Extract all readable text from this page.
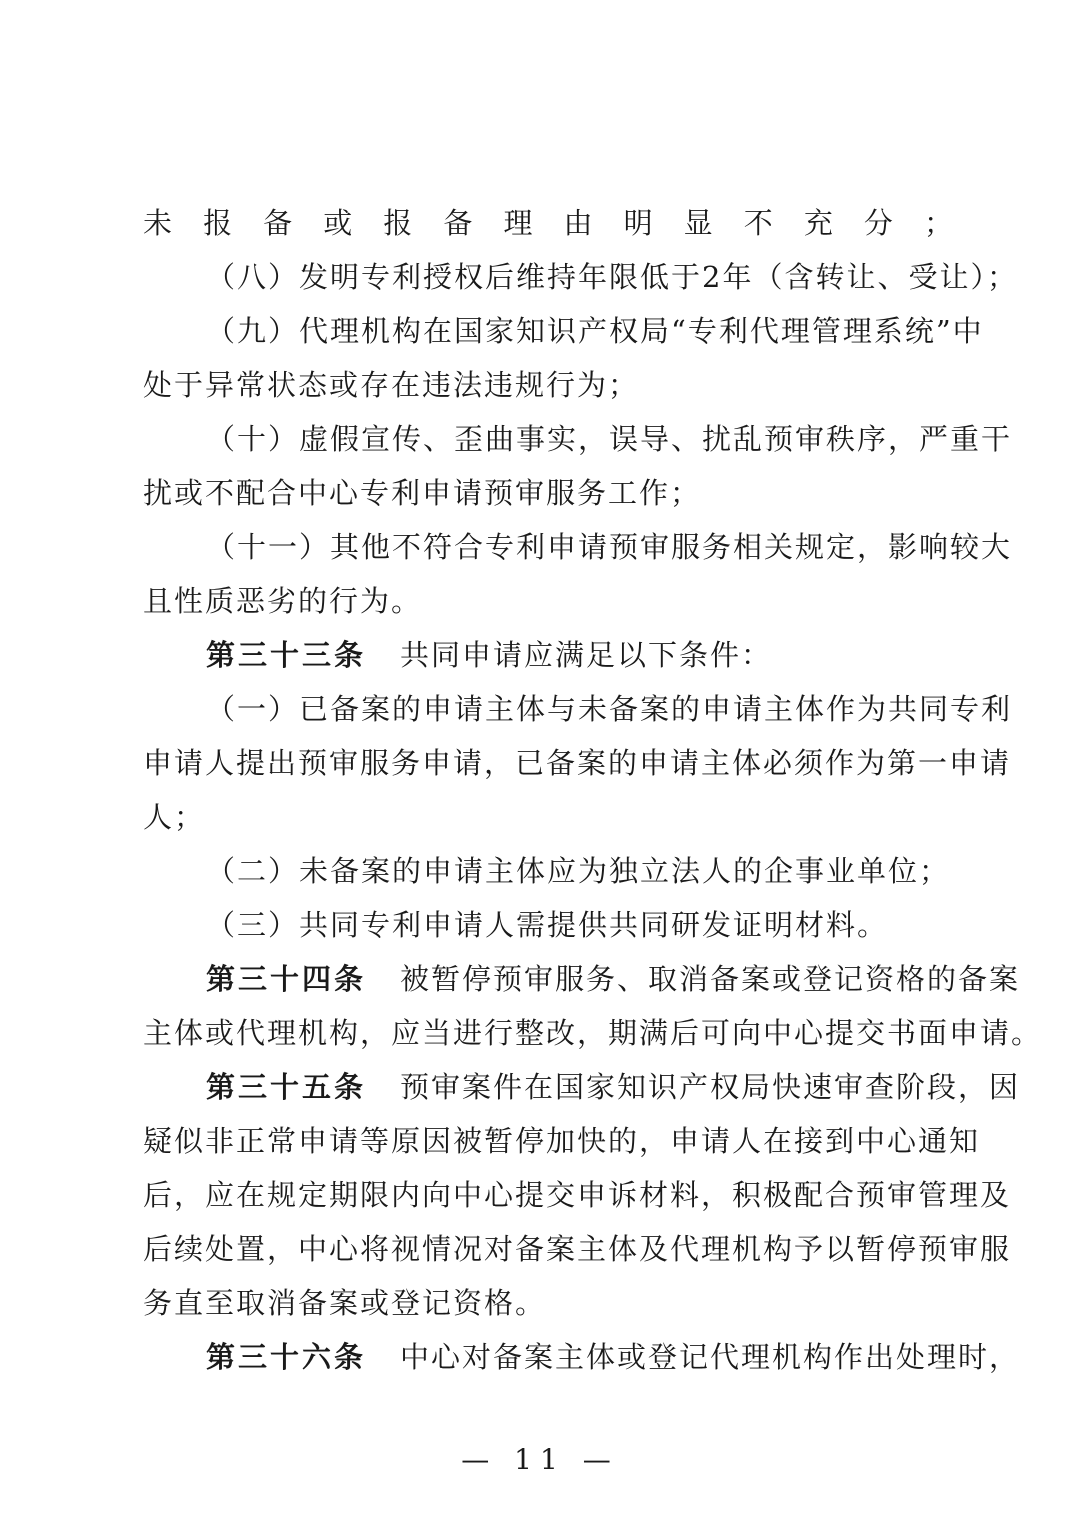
未报备或报备理由明显不充分；
（八）发明专利授权后维持年限低于2年（含转让、受让）；
（九）代理机构在国家知识产权局“专利代理管理系统”中
处于异常状态或存在违法违规行为；
（十）虚假宣传、歪曲事实，误导、扰乱预审秩序，严重干
扰或不配合中心专利申请预审服务工作；
（十一）其他不符合专利申请预审服务相关规定，影响较大
且性质恶劣的行为。
第三十三条 共同申请应满足以下条件：
（一）已备案的申请主体与未备案的申请主体作为共同专利
申请人提出预审服务申请，已备案的申请主体必须作为第一申请
人；
（二）未备案的申请主体应为独立法人的企事业单位；
（三）共同专利申请人需提供共同研发证明材料。
第三十四条 被暂停预审服务、取消备案或登记资格的备案
主体或代理机构，应当进行整改，期满后可向中心提交书面申请。
第三十五条 预审案件在国家知识产权局快速审查阶段，因
疑似非正常申请等原因被暂停加快的，申请人在接到中心通知
后，应在规定期限内向中心提交申诉材料，积极配合预审管理及
后续处置，中心将视情况对备案主体及代理机构予以暂停预审服
务直至取消备案或登记资格。
第三十六条 中心对备案主体或登记代理机构作出处理时，
— 11 —
